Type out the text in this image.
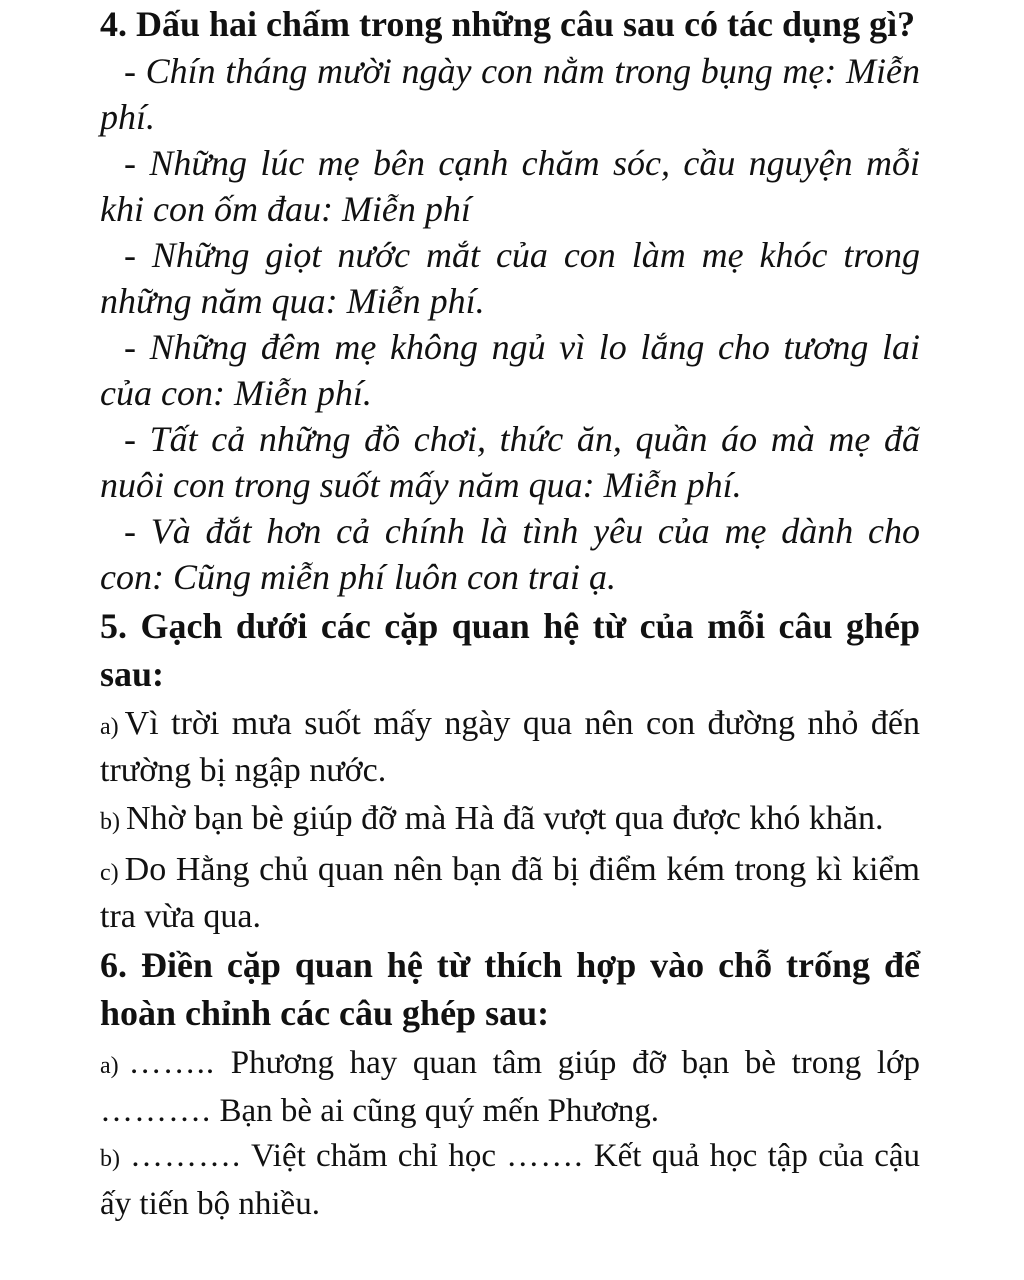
4. Dấu hai chấm trong những câu sau có tác dụng gì?

- Chín tháng mười ngày con nằm trong bụng mẹ: Miễn phí.

- Những lúc mẹ bên cạnh chăm sóc, cầu nguyện mỗi khi con ốm đau: Miễn phí

- Những giọt nước mắt của con làm mẹ khóc trong những năm qua: Miễn phí.

- Những đêm mẹ không ngủ vì lo lắng cho tương lai của con: Miễn phí.

- Tất cả những đồ chơi, thức ăn, quần áo mà mẹ đã nuôi con trong suốt mấy năm qua: Miễn phí.

- Và đắt hơn cả chính là tình yêu của mẹ dành cho con: Cũng miễn phí luôn con trai ạ.

5. Gạch dưới các cặp quan hệ từ của mỗi câu ghép sau:

a) Vì trời mưa suốt mấy ngày qua nên con đường nhỏ đến trường bị ngập nước.

b) Nhờ bạn bè giúp đỡ mà Hà đã vượt qua được khó khăn.

c) Do Hằng chủ quan nên bạn đã bị điểm kém trong kì kiểm tra vừa qua.

6. Điền cặp quan hệ từ thích hợp vào chỗ trống để hoàn chỉnh các câu ghép sau:

a) …….. Phương hay quan tâm giúp đỡ bạn bè trong lớp ………. Bạn bè ai cũng quý mến Phương.

b) ………. Việt chăm chỉ học ……. Kết quả học tập của cậu ấy tiến bộ nhiều.
